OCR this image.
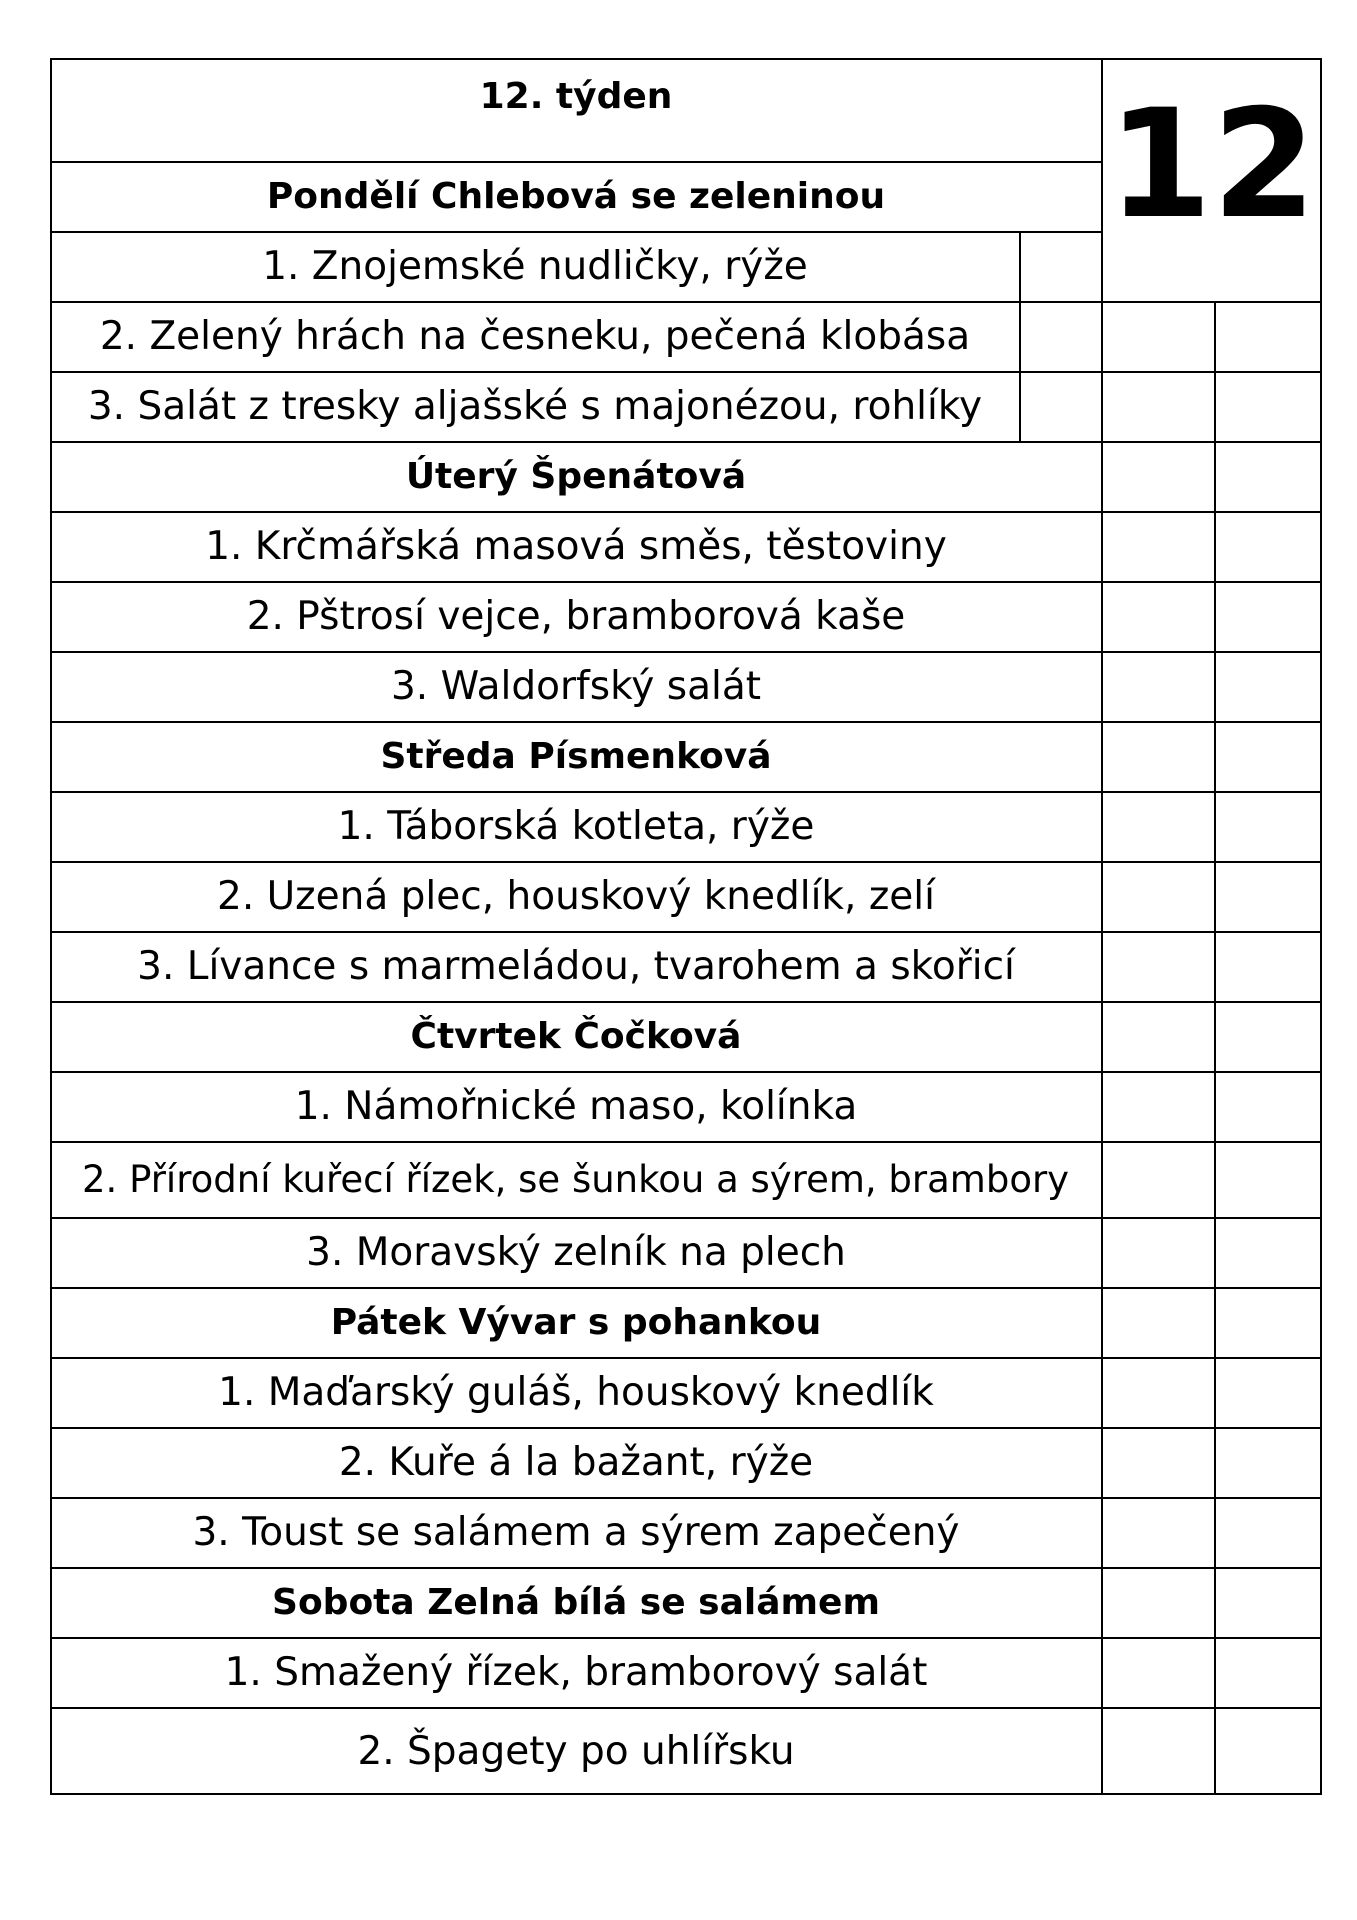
12. týden	12
Pondělí Chlebová se zeleninou
1. Znojemské nudličky, rýže
2. Zelený hrách na česneku, pečená klobása
3. Salát z tresky aljašské s majonézou, rohlíky
Úterý Špenátová
1. Krčmářská masová směs, těstoviny
2. Pštrosí vejce, bramborová kaše
3. Waldorfský salát
Středa Písmenková
1. Táborská kotleta, rýže
2. Uzená plec, houskový knedlík, zelí
3. Lívance s marmeládou, tvarohem a skořicí
Čtvrtek Čočková
1. Námořnické maso, kolínka
2. Přírodní kuřecí řízek, se šunkou a sýrem, brambory
3. Moravský zelník na plech
Pátek Vývar s pohankou
1. Maďarský guláš, houskový knedlík
2. Kuře á la bažant, rýže
3. Toust se salámem a sýrem zapečený
Sobota Zelná bílá se salámem
1. Smažený řízek, bramborový salát
2. Špagety po uhlířsku
